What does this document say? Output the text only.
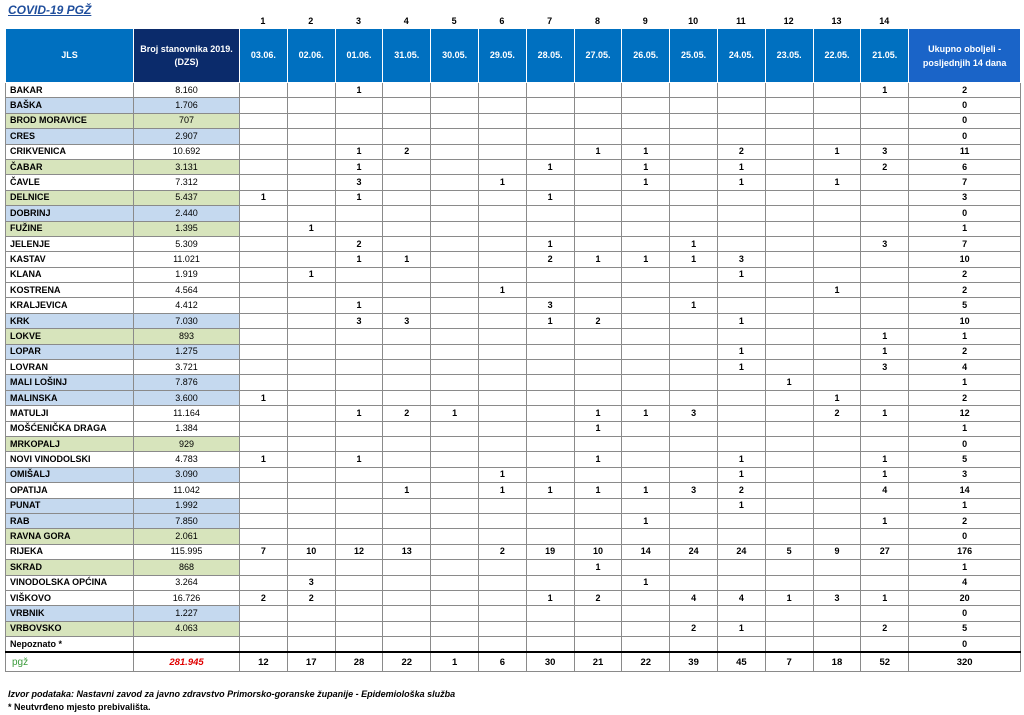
COVID-19 PGŽ
	1	2	3	4	5	6	7	8	9	10	11	12	13	14
JLS	Broj stanovnika 2019. (DZS)	03.06.	02.06.	01.06.	31.05.	30.05.	29.05.	28.05.	27.05.	26.05.	25.05.	24.05.	23.05.	22.05.	21.05.	Ukupno oboljeli - posljednjih 14 dana
BAKAR	8.160			1											1	2
BAŠKA	1.706															0
BROD MORAVICE	707															0
CRES	2.907															0
CRIKVENICA	10.692			1	2				1	1		2		1	3	11
ČABAR	3.131			1				1		1		1			2	6
ČAVLE	7.312			3			1			1		1		1		7
DELNICE	5.437	1		1				1								3
DOBRINJ	2.440															0
FUŽINE	1.395		1													1
JELENJE	5.309			2				1			1				3	7
KASTAV	11.021			1	1			2	1	1	1	3				10
KLANA	1.919		1									1				2
KOSTRENA	4.564						1							1		2
KRALJEVICA	4.412			1				3			1					5
KRK	7.030			3	3			1	2			1				10
LOKVE	893														1	1
LOPAR	1.275											1			1	2
LOVRAN	3.721											1			3	4
MALI LOŠINJ	7.876												1			1
MALINSKA	3.600	1												1		2
MATULJI	11.164			1	2	1			1	1	3			2	1	12
MOŠĆENIČKA DRAGA	1.384								1							1
MRKOPALJ	929															0
NOVI VINODOLSKI	4.783	1		1					1			1			1	5
OMIŠALJ	3.090						1					1			1	3
OPATIJA	11.042				1		1	1	1	1	3	2			4	14
PUNAT	1.992											1				1
RAB	7.850									1					1	2
RAVNA GORA	2.061															0
RIJEKA	115.995	7	10	12	13		2	19	10	14	24	24	5	9	27	176
SKRAD	868								1							1
VINODOLSKA OPĆINA	3.264		3							1						4
VIŠKOVO	16.726	2	2					1	2		4	4	1	3	1	20
VRBNIK	1.227															0
VRBOVSKO	4.063										2	1			2	5
Nepoznato *																0
pgž	281.945	12	17	28	22	1	6	30	21	22	39	45	7	18	52	320
Izvor podataka: Nastavni zavod za javno zdravstvo Primorsko-goranske županije - Epidemiološka služba
* Neutvrđeno mjesto prebivališta.
